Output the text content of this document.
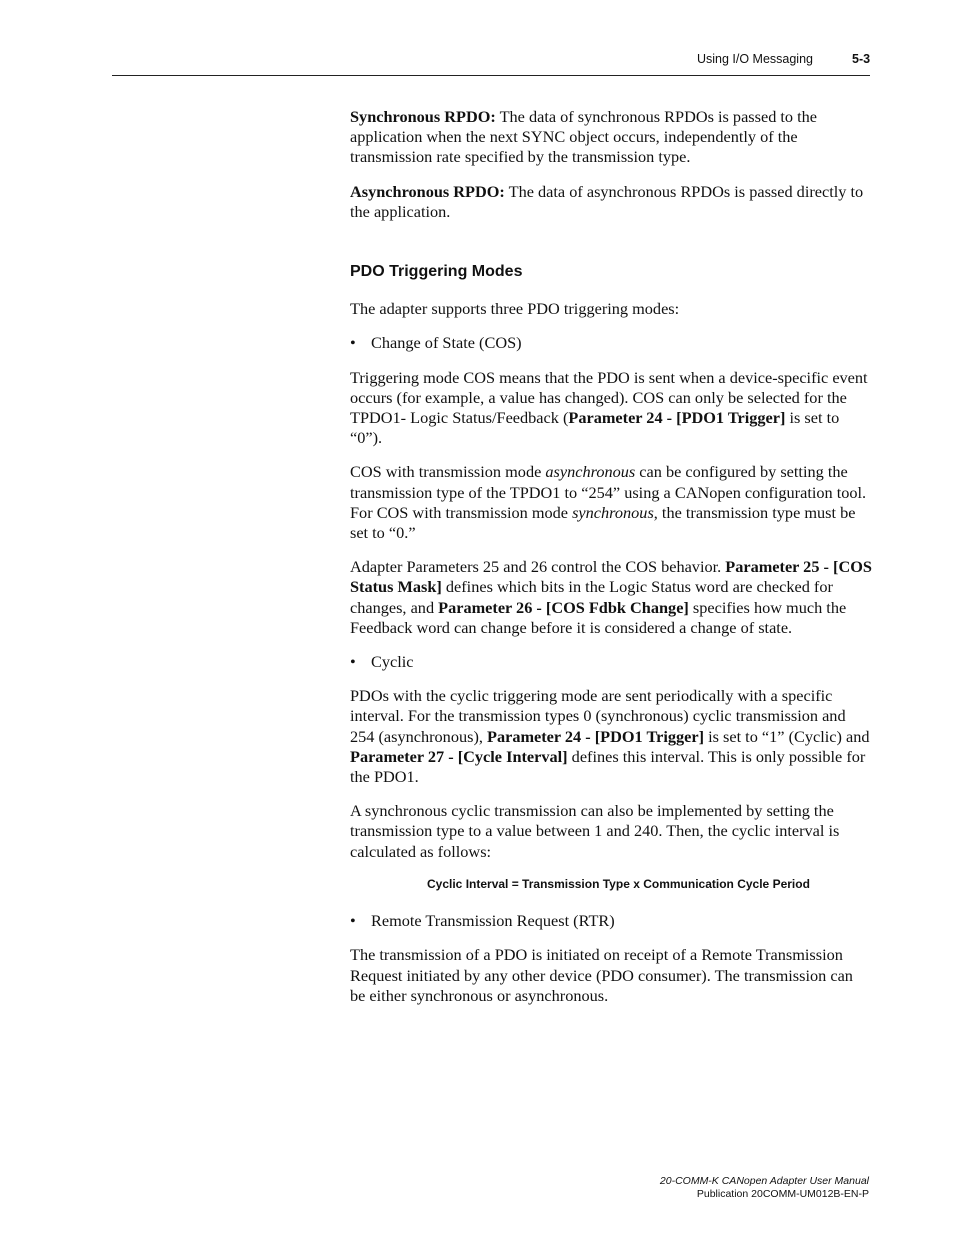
Using I/O Messaging	5-3

Synchronous RPDO: The data of synchronous RPDOs is passed to the application when the next SYNC object occurs, independently of the transmission rate specified by the transmission type.

Asynchronous RPDO: The data of asynchronous RPDOs is passed directly to the application.

PDO Triggering Modes

The adapter supports three PDO triggering modes:

• Change of State (COS)

Triggering mode COS means that the PDO is sent when a device-specific event occurs (for example, a value has changed). COS can only be selected for the TPDO1- Logic Status/Feedback (Parameter 24 - [PDO1 Trigger] is set to “0”).

COS with transmission mode asynchronous can be configured by setting the transmission type of the TPDO1 to “254” using a CANopen configuration tool. For COS with transmission mode synchronous, the transmission type must be set to “0.”

Adapter Parameters 25 and 26 control the COS behavior. Parameter 25 - [COS Status Mask] defines which bits in the Logic Status word are checked for changes, and Parameter 26 - [COS Fdbk Change] specifies how much the Feedback word can change before it is considered a change of state.

• Cyclic

PDOs with the cyclic triggering mode are sent periodically with a specific interval. For the transmission types 0 (synchronous) cyclic transmission and 254 (asynchronous), Parameter 24 - [PDO1 Trigger] is set to “1” (Cyclic) and Parameter 27 - [Cycle Interval] defines this interval. This is only possible for the PDO1.

A synchronous cyclic transmission can also be implemented by setting the transmission type to a value between 1 and 240. Then, the cyclic interval is calculated as follows:

Cyclic Interval = Transmission Type x Communication Cycle Period
• Remote Transmission Request (RTR)

The transmission of a PDO is initiated on receipt of a Remote Transmission Request initiated by any other device (PDO consumer). The transmission can be either synchronous or asynchronous.

20-COMM-K CANopen Adapter User Manual
Publication 20COMM-UM012B-EN-P
